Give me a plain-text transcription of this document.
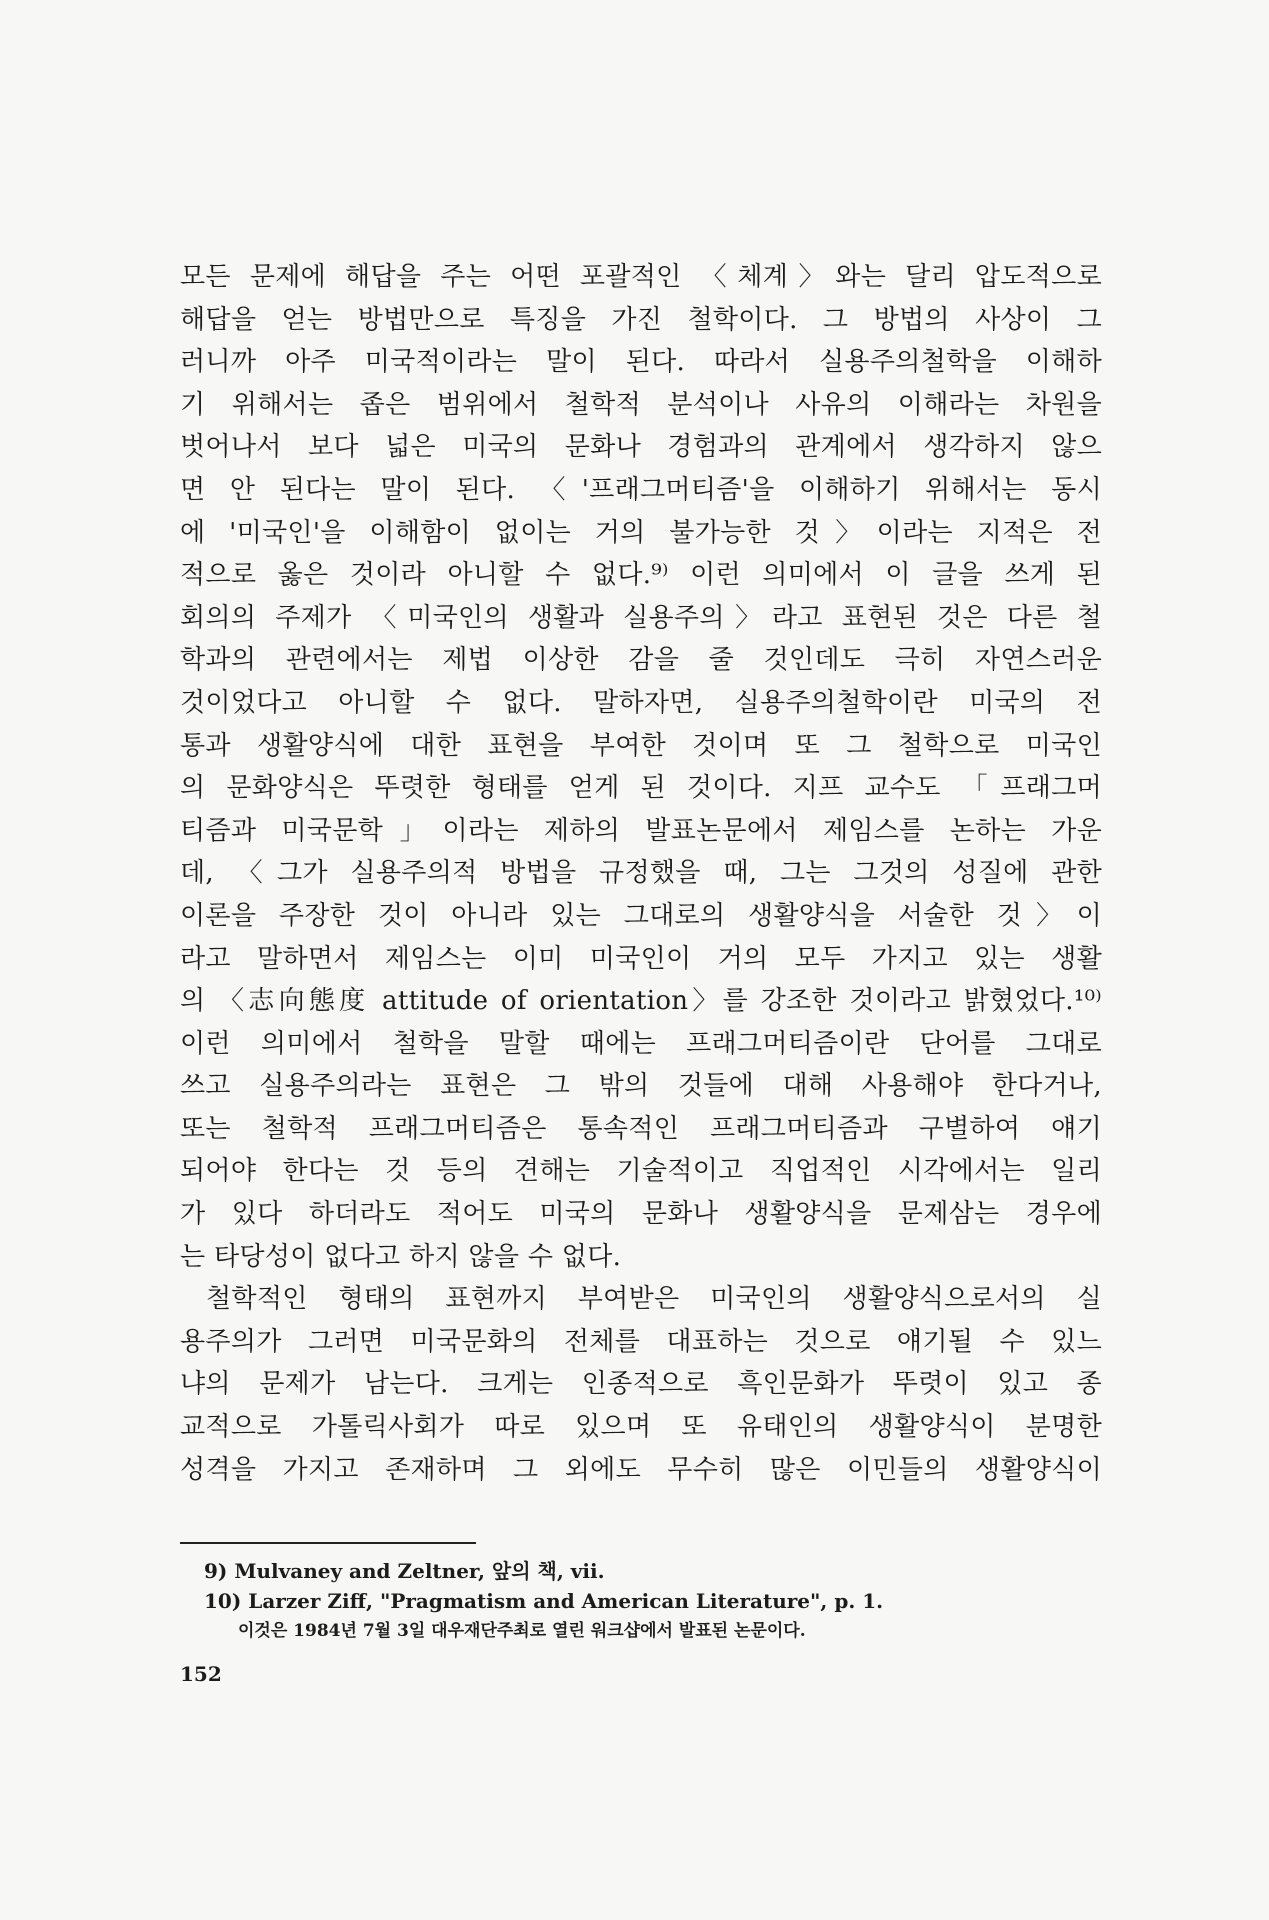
모든 문제에 해답을 주는 어떤 포괄적인 〈체계〉와는 달리 압도적으로
해답을 얻는 방법만으로 특징을 가진 철학이다. 그 방법의 사상이 그
러니까 아주 미국적이라는 말이 된다. 따라서 실용주의철학을 이해하
기 위해서는 좁은 범위에서 철학적 분석이나 사유의 이해라는 차원을
벗어나서 보다 넓은 미국의 문화나 경험과의 관계에서 생각하지 않으
면 안 된다는 말이 된다. 〈'프래그머티즘'을 이해하기 위해서는 동시
에 '미국인'을 이해함이 없이는 거의 불가능한 것〉이라는 지적은 전
적으로 옳은 것이라 아니할 수 없다.⁹⁾ 이런 의미에서 이 글을 쓰게 된
회의의 주제가 〈미국인의 생활과 실용주의〉라고 표현된 것은 다른 철
학과의 관련에서는 제법 이상한 감을 줄 것인데도 극히 자연스러운
것이었다고 아니할 수 없다. 말하자면, 실용주의철학이란 미국의 전
통과 생활양식에 대한 표현을 부여한 것이며 또 그 철학으로 미국인
의 문화양식은 뚜렷한 형태를 얻게 된 것이다. 지프 교수도 「프래그머
티즘과 미국문학」이라는 제하의 발표논문에서 제임스를 논하는 가운
데, 〈그가 실용주의적 방법을 규정했을 때, 그는 그것의 성질에 관한
이론을 주장한 것이 아니라 있는 그대로의 생활양식을 서술한 것〉이
라고 말하면서 제임스는 이미 미국인이 거의 모두 가지고 있는 생활
의 〈志向態度 attitude of orientation〉를 강조한 것이라고 밝혔었다.¹⁰⁾
이런 의미에서 철학을 말할 때에는 프래그머티즘이란 단어를 그대로
쓰고 실용주의라는 표현은 그 밖의 것들에 대해 사용해야 한다거나,
또는 철학적 프래그머티즘은 통속적인 프래그머티즘과 구별하여 얘기
되어야 한다는 것 등의 견해는 기술적이고 직업적인 시각에서는 일리
가 있다 하더라도 적어도 미국의 문화나 생활양식을 문제삼는 경우에
는 타당성이 없다고 하지 않을 수 없다.
철학적인 형태의 표현까지 부여받은 미국인의 생활양식으로서의 실
용주의가 그러면 미국문화의 전체를 대표하는 것으로 얘기될 수 있느
냐의 문제가 남는다. 크게는 인종적으로 흑인문화가 뚜렷이 있고 종
교적으로 가톨릭사회가 따로 있으며 또 유태인의 생활양식이 분명한
성격을 가지고 존재하며 그 외에도 무수히 많은 이민들의 생활양식이
9) Mulvaney and Zeltner, 앞의 책, vii.
10) Larzer Ziff, "Pragmatism and American Literature", p. 1.
이것은 1984년 7월 3일 대우재단주최로 열린 워크샵에서 발표된 논문이다.
152
